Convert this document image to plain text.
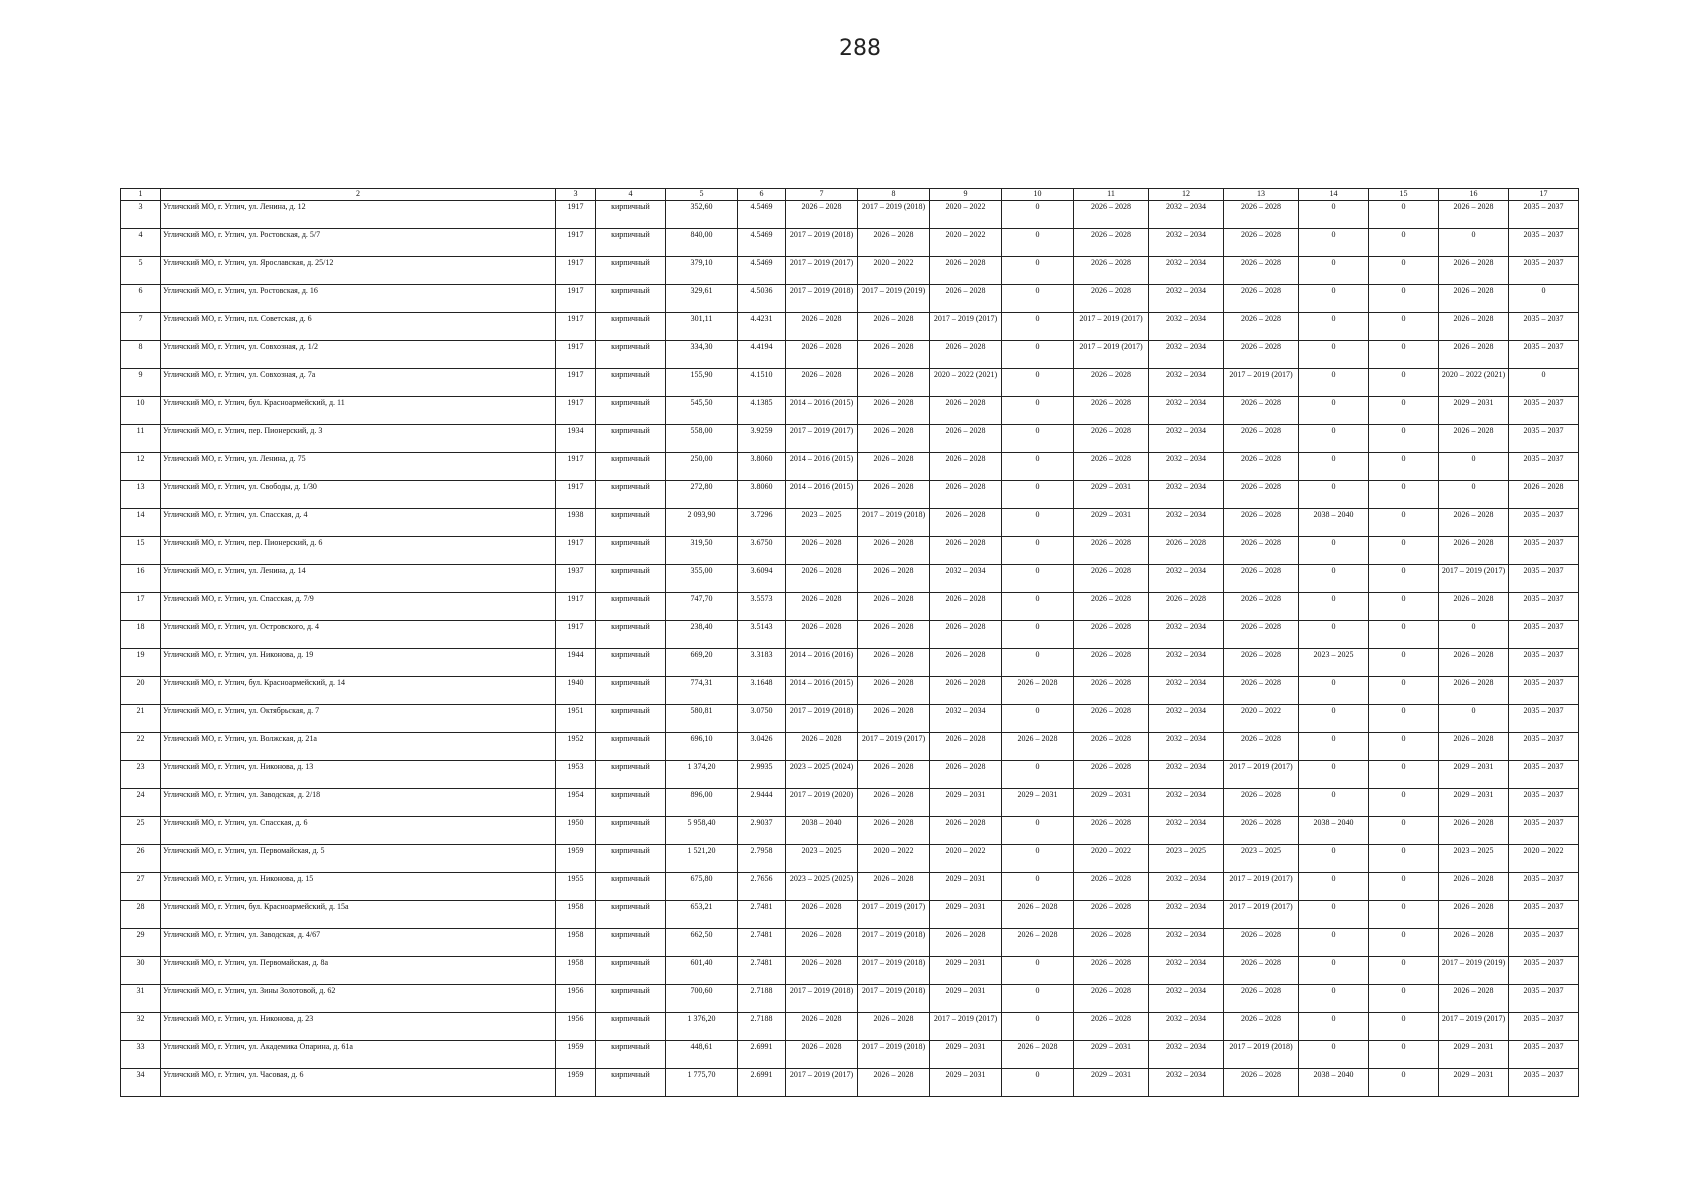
288
1	2	3	4	5	6	7	8	9	10	11	12	13	14	15	16	17
3	Угличский МО, г. Углич, ул. Ленина, д. 12	1917	кирпичный	352,60	4.5469	2026 – 2028	2017 – 2019 (2018)	2020 – 2022	0	2026 – 2028	2032 – 2034	2026 – 2028	0	0	2026 – 2028	2035 – 2037
4	Угличский МО, г. Углич, ул. Ростовская, д. 5/7	1917	кирпичный	840,00	4.5469	2017 – 2019 (2018)	2026 – 2028	2020 – 2022	0	2026 – 2028	2032 – 2034	2026 – 2028	0	0	0	2035 – 2037
5	Угличский МО, г. Углич, ул. Ярославская, д. 25/12	1917	кирпичный	379,10	4.5469	2017 – 2019 (2017)	2020 – 2022	2026 – 2028	0	2026 – 2028	2032 – 2034	2026 – 2028	0	0	2026 – 2028	2035 – 2037
6	Угличский МО, г. Углич, ул. Ростовская, д. 16	1917	кирпичный	329,61	4.5036	2017 – 2019 (2018)	2017 – 2019 (2019)	2026 – 2028	0	2026 – 2028	2032 – 2034	2026 – 2028	0	0	2026 – 2028	0
7	Угличский МО, г. Углич, пл. Советская, д. 6	1917	кирпичный	301,11	4.4231	2026 – 2028	2026 – 2028	2017 – 2019 (2017)	0	2017 – 2019 (2017)	2032 – 2034	2026 – 2028	0	0	2026 – 2028	2035 – 2037
8	Угличский МО, г. Углич, ул. Совхозная, д. 1/2	1917	кирпичный	334,30	4.4194	2026 – 2028	2026 – 2028	2026 – 2028	0	2017 – 2019 (2017)	2032 – 2034	2026 – 2028	0	0	2026 – 2028	2035 – 2037
9	Угличский МО, г. Углич, ул. Совхозная, д. 7а	1917	кирпичный	155,90	4.1510	2026 – 2028	2026 – 2028	2020 – 2022 (2021)	0	2026 – 2028	2032 – 2034	2017 – 2019 (2017)	0	0	2020 – 2022 (2021)	0
10	Угличский МО, г. Углич, бул. Красноармейский, д. 11	1917	кирпичный	545,50	4.1385	2014 – 2016 (2015)	2026 – 2028	2026 – 2028	0	2026 – 2028	2032 – 2034	2026 – 2028	0	0	2029 – 2031	2035 – 2037
11	Угличский МО, г. Углич, пер. Пионерский, д. 3	1934	кирпичный	558,00	3.9259	2017 – 2019 (2017)	2026 – 2028	2026 – 2028	0	2026 – 2028	2032 – 2034	2026 – 2028	0	0	2026 – 2028	2035 – 2037
12	Угличский МО, г. Углич, ул. Ленина, д. 75	1917	кирпичный	250,00	3.8060	2014 – 2016 (2015)	2026 – 2028	2026 – 2028	0	2026 – 2028	2032 – 2034	2026 – 2028	0	0	0	2035 – 2037
13	Угличский МО, г. Углич, ул. Свободы, д. 1/30	1917	кирпичный	272,80	3.8060	2014 – 2016 (2015)	2026 – 2028	2026 – 2028	0	2029 – 2031	2032 – 2034	2026 – 2028	0	0	0	2026 – 2028
14	Угличский МО, г. Углич, ул. Спасская, д. 4	1938	кирпичный	2 093,90	3.7296	2023 – 2025	2017 – 2019 (2018)	2026 – 2028	0	2029 – 2031	2032 – 2034	2026 – 2028	2038 – 2040	0	2026 – 2028	2035 – 2037
15	Угличский МО, г. Углич, пер. Пионерский, д. 6	1917	кирпичный	319,50	3.6750	2026 – 2028	2026 – 2028	2026 – 2028	0	2026 – 2028	2026 – 2028	2026 – 2028	0	0	2026 – 2028	2035 – 2037
16	Угличский МО, г. Углич, ул. Ленина, д. 14	1937	кирпичный	355,00	3.6094	2026 – 2028	2026 – 2028	2032 – 2034	0	2026 – 2028	2032 – 2034	2026 – 2028	0	0	2017 – 2019 (2017)	2035 – 2037
17	Угличский МО, г. Углич, ул. Спасская, д. 7/9	1917	кирпичный	747,70	3.5573	2026 – 2028	2026 – 2028	2026 – 2028	0	2026 – 2028	2026 – 2028	2026 – 2028	0	0	2026 – 2028	2035 – 2037
18	Угличский МО, г. Углич, ул. Островского, д. 4	1917	кирпичный	238,40	3.5143	2026 – 2028	2026 – 2028	2026 – 2028	0	2026 – 2028	2032 – 2034	2026 – 2028	0	0	0	2035 – 2037
19	Угличский МО, г. Углич, ул. Никонова, д. 19	1944	кирпичный	669,20	3.3183	2014 – 2016 (2016)	2026 – 2028	2026 – 2028	0	2026 – 2028	2032 – 2034	2026 – 2028	2023 – 2025	0	2026 – 2028	2035 – 2037
20	Угличский МО, г. Углич, бул. Красноармейский, д. 14	1940	кирпичный	774,31	3.1648	2014 – 2016 (2015)	2026 – 2028	2026 – 2028	2026 – 2028	2026 – 2028	2032 – 2034	2026 – 2028	0	0	2026 – 2028	2035 – 2037
21	Угличский МО, г. Углич, ул. Октябрьская, д. 7	1951	кирпичный	580,81	3.0750	2017 – 2019 (2018)	2026 – 2028	2032 – 2034	0	2026 – 2028	2032 – 2034	2020 – 2022	0	0	0	2035 – 2037
22	Угличский МО, г. Углич, ул. Волжская, д. 21а	1952	кирпичный	696,10	3.0426	2026 – 2028	2017 – 2019 (2017)	2026 – 2028	2026 – 2028	2026 – 2028	2032 – 2034	2026 – 2028	0	0	2026 – 2028	2035 – 2037
23	Угличский МО, г. Углич, ул. Никонова, д. 13	1953	кирпичный	1 374,20	2.9935	2023 – 2025 (2024)	2026 – 2028	2026 – 2028	0	2026 – 2028	2032 – 2034	2017 – 2019 (2017)	0	0	2029 – 2031	2035 – 2037
24	Угличский МО, г. Углич, ул. Заводская, д. 2/18	1954	кирпичный	896,00	2.9444	2017 – 2019 (2020)	2026 – 2028	2029 – 2031	2029 – 2031	2029 – 2031	2032 – 2034	2026 – 2028	0	0	2029 – 2031	2035 – 2037
25	Угличский МО, г. Углич, ул. Спасская, д. 6	1950	кирпичный	5 958,40	2.9037	2038 – 2040	2026 – 2028	2026 – 2028	0	2026 – 2028	2032 – 2034	2026 – 2028	2038 – 2040	0	2026 – 2028	2035 – 2037
26	Угличский МО, г. Углич, ул. Первомайская, д. 5	1959	кирпичный	1 521,20	2.7958	2023 – 2025	2020 – 2022	2020 – 2022	0	2020 – 2022	2023 – 2025	2023 – 2025	0	0	2023 – 2025	2020 – 2022
27	Угличский МО, г. Углич, ул. Никонова, д. 15	1955	кирпичный	675,80	2.7656	2023 – 2025 (2025)	2026 – 2028	2029 – 2031	0	2026 – 2028	2032 – 2034	2017 – 2019 (2017)	0	0	2026 – 2028	2035 – 2037
28	Угличский МО, г. Углич, бул. Красноармейский, д. 15а	1958	кирпичный	653,21	2.7481	2026 – 2028	2017 – 2019 (2017)	2029 – 2031	2026 – 2028	2026 – 2028	2032 – 2034	2017 – 2019 (2017)	0	0	2026 – 2028	2035 – 2037
29	Угличский МО, г. Углич, ул. Заводская, д. 4/67	1958	кирпичный	662,50	2.7481	2026 – 2028	2017 – 2019 (2018)	2026 – 2028	2026 – 2028	2026 – 2028	2032 – 2034	2026 – 2028	0	0	2026 – 2028	2035 – 2037
30	Угличский МО, г. Углич, ул. Первомайская, д. 8а	1958	кирпичный	601,40	2.7481	2026 – 2028	2017 – 2019 (2018)	2029 – 2031	0	2026 – 2028	2032 – 2034	2026 – 2028	0	0	2017 – 2019 (2019)	2035 – 2037
31	Угличский МО, г. Углич, ул. Зины Золотовой, д. 62	1956	кирпичный	700,60	2.7188	2017 – 2019 (2018)	2017 – 2019 (2018)	2029 – 2031	0	2026 – 2028	2032 – 2034	2026 – 2028	0	0	2026 – 2028	2035 – 2037
32	Угличский МО, г. Углич, ул. Никонова, д. 23	1956	кирпичный	1 376,20	2.7188	2026 – 2028	2026 – 2028	2017 – 2019 (2017)	0	2026 – 2028	2032 – 2034	2026 – 2028	0	0	2017 – 2019 (2017)	2035 – 2037
33	Угличский МО, г. Углич, ул. Академика Опарина, д. 61а	1959	кирпичный	448,61	2.6991	2026 – 2028	2017 – 2019 (2018)	2029 – 2031	2026 – 2028	2029 – 2031	2032 – 2034	2017 – 2019 (2018)	0	0	2029 – 2031	2035 – 2037
34	Угличский МО, г. Углич, ул. Часовая, д. 6	1959	кирпичный	1 775,70	2.6991	2017 – 2019 (2017)	2026 – 2028	2029 – 2031	0	2029 – 2031	2032 – 2034	2026 – 2028	2038 – 2040	0	2029 – 2031	2035 – 2037
